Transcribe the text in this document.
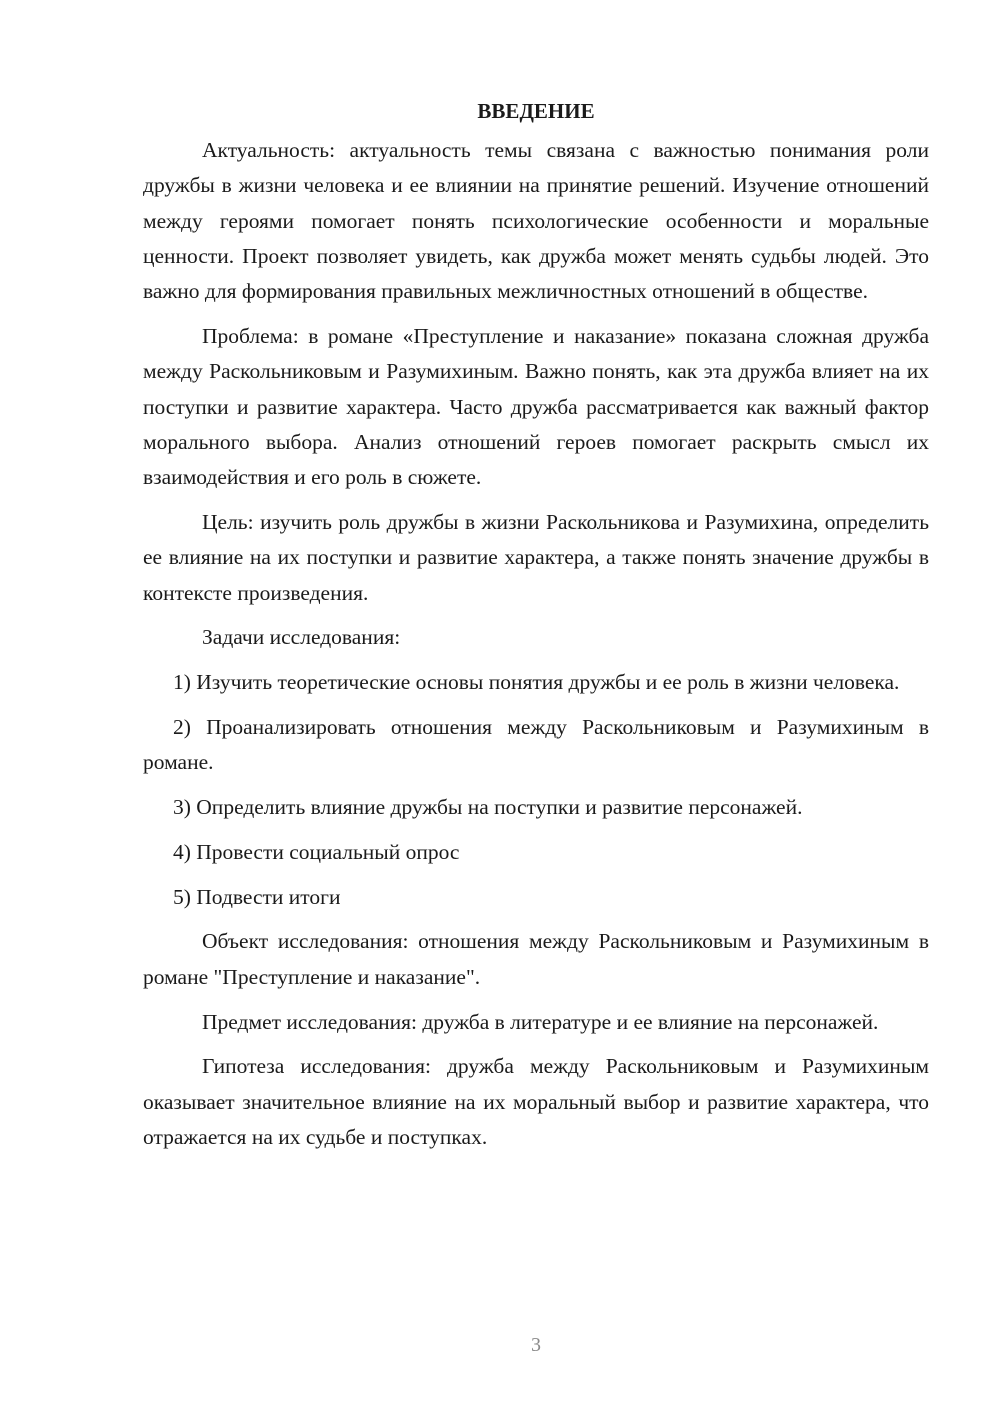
ВВЕДЕНИЕ

Актуальность: актуальность темы связана с важностью понимания роли дружбы в жизни человека и ее влиянии на принятие решений. Изучение отношений между героями помогает понять психологические особенности и моральные ценности. Проект позволяет увидеть, как дружба может менять судьбы людей. Это важно для формирования правильных межличностных отношений в обществе.

Проблема: в романе «Преступление и наказание» показана сложная дружба между Раскольниковым и Разумихиным. Важно понять, как эта дружба влияет на их поступки и развитие характера. Часто дружба рассматривается как важный фактор морального выбора. Анализ отношений героев помогает раскрыть смысл их взаимодействия и его роль в сюжете.

Цель: изучить роль дружбы в жизни Раскольникова и Разумихина, определить ее влияние на их поступки и развитие характера, а также понять значение дружбы в контексте произведения.

Задачи исследования:

1) Изучить теоретические основы понятия дружбы и ее роль в жизни человека.

2) Проанализировать отношения между Раскольниковым и Разумихиным в романе.

3) Определить влияние дружбы на поступки и развитие персонажей.

4) Провести социальный опрос

5) Подвести итоги

Объект исследования: отношения между Раскольниковым и Разумихиным в романе "Преступление и наказание".

Предмет исследования: дружба в литературе и ее влияние на персонажей.

Гипотеза исследования: дружба между Раскольниковым и Разумихиным оказывает значительное влияние на их моральный выбор и развитие характера, что отражается на их судьбе и поступках.

3
